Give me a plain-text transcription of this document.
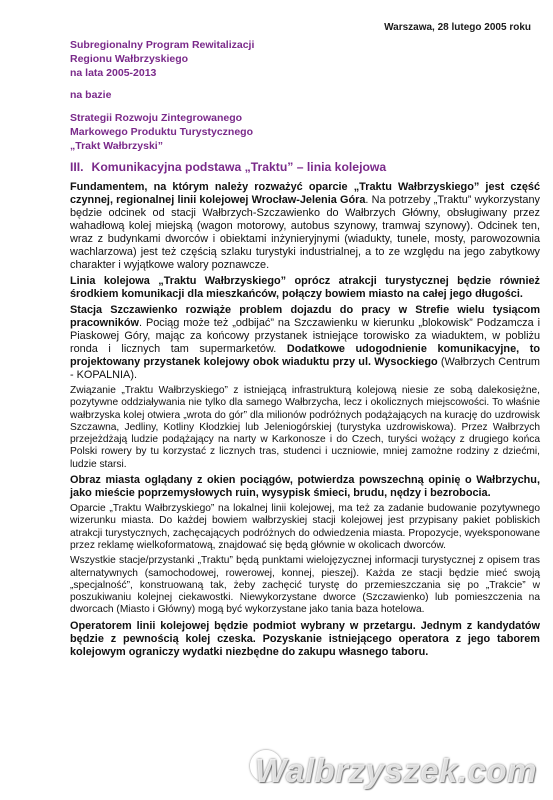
Warszawa, 28 lutego 2005 roku
Subregionalny Program Rewitalizacji
Regionu Wałbrzyskiego
na lata 2005-2013
na bazie
Strategii Rozwoju Zintegrowanego
Markowego Produktu Turystycznego
„Trakt Wałbrzyski”
III. Komunikacyjna podstawa „Traktu” – linia kolejowa

Fundamentem, na którym należy rozważyć oparcie „Traktu Wałbrzyskiego” jest część czynnej, regionalnej linii kolejowej Wrocław-Jelenia Góra. Na potrzeby „Traktu” wykorzystany będzie odcinek od stacji Wałbrzych-Szczawienko do Wałbrzych Główny, obsługiwany przez wahadłową kolej miejską (wagon motorowy, autobus szynowy, tramwaj szynowy). Odcinek ten, wraz z budynkami dworców i obiektami inżynieryjnymi (wiadukty, tunele, mosty, parowozownia wachlarzowa) jest też częścią szlaku turystyki industrialnej, a to ze względu na jego zabytkowy charakter i wyjątkowe walory poznawcze.

Linia kolejowa „Traktu Wałbrzyskiego” oprócz atrakcji turystycznej będzie również środkiem komunikacji dla mieszkańców, połączy bowiem miasto na całej jego długości.

Stacja Szczawienko rozwiąże problem dojazdu do pracy w Strefie wielu tysiącom pracowników. Pociąg może też „odbijać” na Szczawienku w kierunku „blokowisk” Podzamcza i Piaskowej Góry, mając za końcowy przystanek istniejące torowisko za wiaduktem, w pobliżu ronda i licznych tam supermarketów. Dodatkowe udogodnienie komunikacyjne, to projektowany przystanek kolejowy obok wiaduktu przy ul. Wysockiego (Wałbrzych Centrum - KOPALNIA).

Związanie „Traktu Wałbrzyskiego” z istniejącą infrastrukturą kolejową niesie ze sobą dalekosiężne, pozytywne oddziaływania nie tylko dla samego Wałbrzycha, lecz i okolicznych miejscowości. To właśnie wałbrzyska kolej otwiera „wrota do gór” dla milionów podróżnych podążających na kurację do uzdrowisk Szczawna, Jedliny, Kotliny Kłodzkiej lub Jeleniogórskiej (turystyka uzdrowiskowa). Przez Wałbrzych przejeżdżają ludzie podążający na narty w Karkonosze i do Czech, turyści wożący z drugiego końca Polski rowery by tu korzystać z licznych tras, studenci i uczniowie, mniej zamożne rodziny z dziećmi, ludzie starsi.

Obraz miasta oglądany z okien pociągów, potwierdza powszechną opinię o Wałbrzychu, jako mieście poprzemysłowych ruin, wysypisk śmieci, brudu, nędzy i bezrobocia.

Oparcie „Traktu Wałbrzyskiego” na lokalnej linii kolejowej, ma też za zadanie budowanie pozytywnego wizerunku miasta. Do każdej bowiem wałbrzyskiej stacji kolejowej jest przypisany pakiet pobliskich atrakcji turystycznych, zachęcających podróżnych do odwiedzenia miasta. Propozycje, wyeksponowane przez reklamę wielkoformatową, znajdować się będą głównie w okolicach dworców.

Wszystkie stacje/przystanki „Traktu” będą punktami wielojęzycznej informacji turystycznej z opisem tras alternatywnych (samochodowej, rowerowej, konnej, pieszej). Każda ze stacji będzie mieć swoją „specjalność”, konstruowaną tak, żeby zachęcić turystę do przemieszczania się po „Trakcie” w poszukiwaniu kolejnej ciekawostki. Niewykorzystane dworce (Szczawienko) lub pomieszczenia na dworcach (Miasto i Główny) mogą być wykorzystane jako tania baza hotelowa.

Operatorem linii kolejowej będzie podmiot wybrany w przetargu. Jednym z kandydatów będzie z pewnością kolej czeska. Pozyskanie istniejącego operatora z jego taborem kolejowym ograniczy wydatki niezbędne do zakupu własnego taboru.

Walbrzyszek.com
